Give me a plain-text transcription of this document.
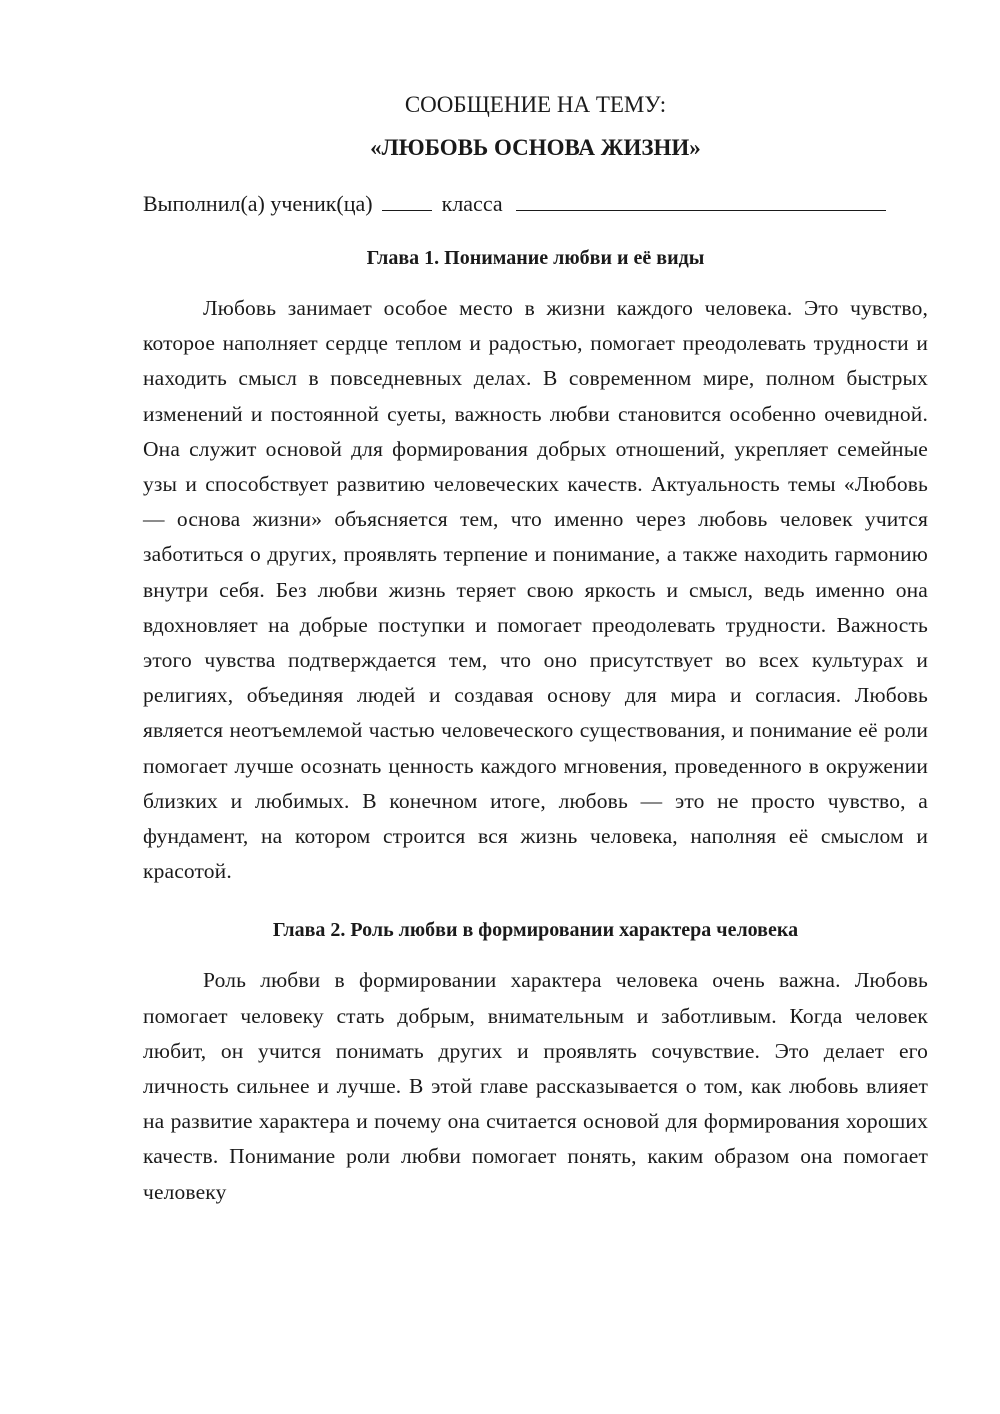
СООБЩЕНИЕ НА ТЕМУ:
«ЛЮБОВЬ ОСНОВА ЖИЗНИ»

Выполнил(а) ученик(ца)	класса

Глава 1. Понимание любви и её виды

Любовь занимает особое место в жизни каждого человека. Это чувство, которое наполняет сердце теплом и радостью, помогает преодолевать трудности и находить смысл в повседневных делах. В современном мире, полном быстрых изменений и постоянной суеты, важность любви становится особенно очевидной. Она служит основой для формирования добрых отношений, укрепляет семейные узы и способствует развитию человеческих качеств. Актуальность темы «Любовь — основа жизни» объясняется тем, что именно через любовь человек учится заботиться о других, проявлять терпение и понимание, а также находить гармонию внутри себя. Без любви жизнь теряет свою яркость и смысл, ведь именно она вдохновляет на добрые поступки и помогает преодолевать трудности. Важность этого чувства подтверждается тем, что оно присутствует во всех культурах и религиях, объединяя людей и создавая основу для мира и согласия. Любовь является неотъемлемой частью человеческого существования, и понимание её роли помогает лучше осознать ценность каждого мгновения, проведенного в окружении близких и любимых. В конечном итоге, любовь — это не просто чувство, а фундамент, на котором строится вся жизнь человека, наполняя её смыслом и красотой.

Глава 2. Роль любви в формировании характера человека

Роль любви в формировании характера человека очень важна. Любовь помогает человеку стать добрым, внимательным и заботливым. Когда человек любит, он учится понимать других и проявлять сочувствие. Это делает его личность сильнее и лучше. В этой главе рассказывается о том, как любовь влияет на развитие характера и почему она считается основой для формирования хороших качеств. Понимание роли любви помогает понять, каким образом она помогает человеку
